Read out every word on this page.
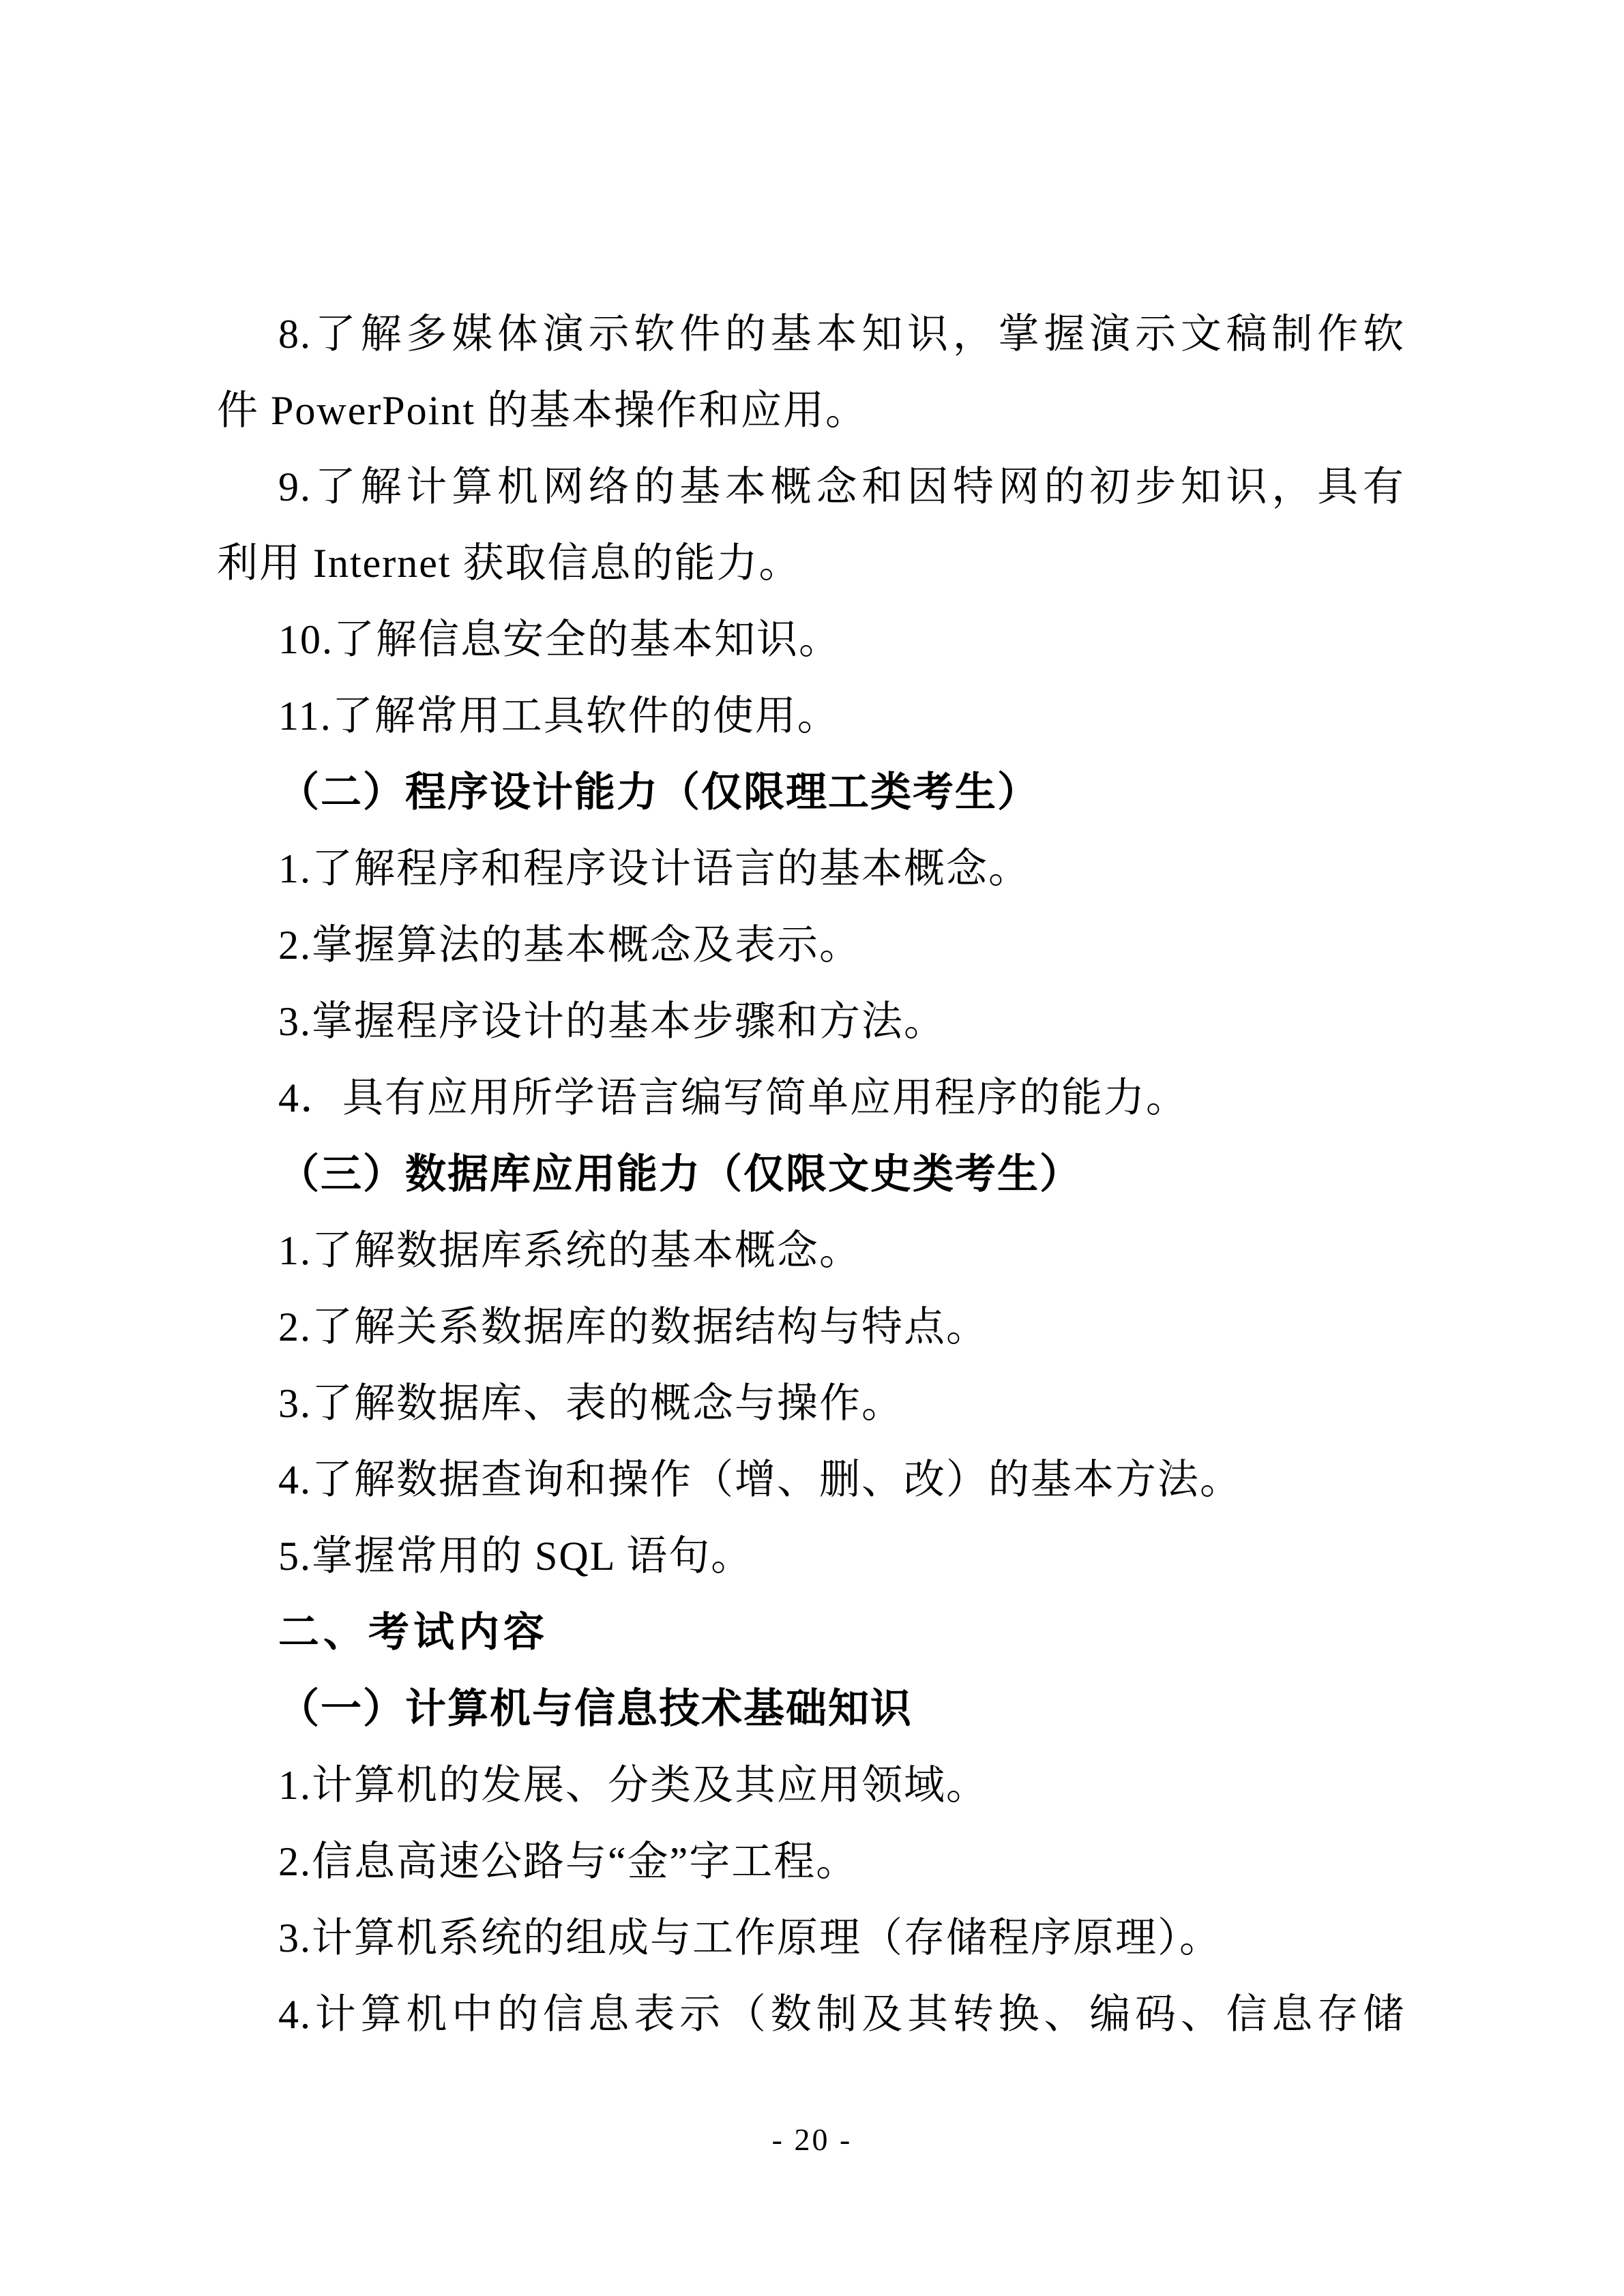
8.了解多媒体演示软件的基本知识，掌握演示文稿制作软
件 PowerPoint 的基本操作和应用。
9.了解计算机网络的基本概念和因特网的初步知识，具有
利用 Internet 获取信息的能力。
10.了解信息安全的基本知识。
11.了解常用工具软件的使用。
（二）程序设计能力（仅限理工类考生）
1.了解程序和程序设计语言的基本概念。
2.掌握算法的基本概念及表示。
3.掌握程序设计的基本步骤和方法。
4．具有应用所学语言编写简单应用程序的能力。
（三）数据库应用能力（仅限文史类考生）
1.了解数据库系统的基本概念。
2.了解关系数据库的数据结构与特点。
3.了解数据库、表的概念与操作。
4.了解数据查询和操作（增、删、改）的基本方法。
5.掌握常用的 SQL 语句。
二、考试内容
（一）计算机与信息技术基础知识
1.计算机的发展、分类及其应用领域。
2.信息高速公路与“金”字工程。
3.计算机系统的组成与工作原理（存储程序原理）。
4.计算机中的信息表示（数制及其转换、编码、信息存储
- 20 -
